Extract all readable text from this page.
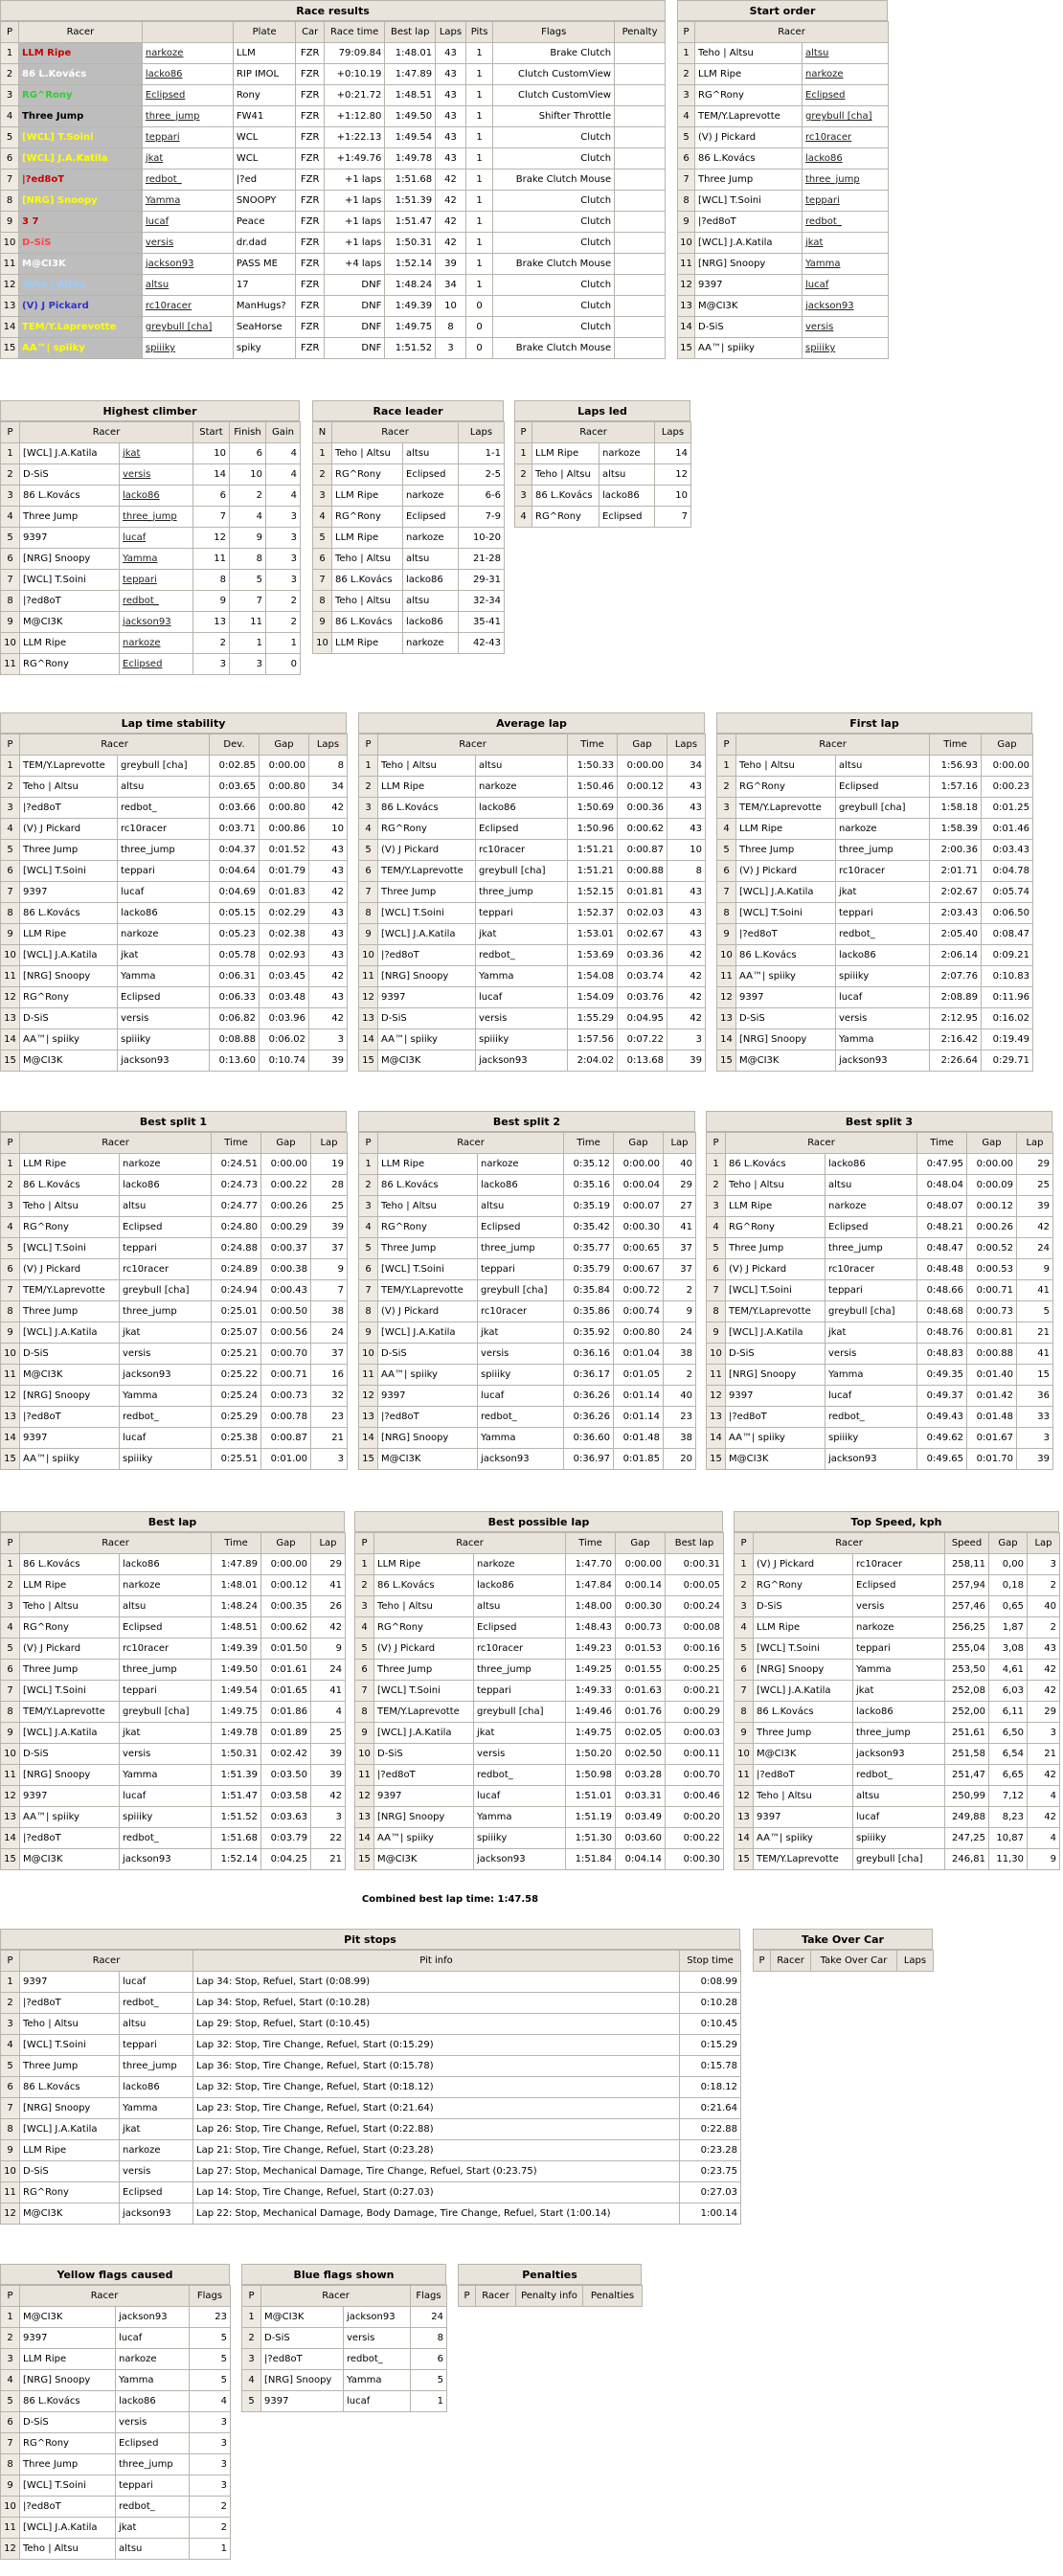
Race results
P	Racer		Plate	Car	Race time	Best lap	Laps	Pits	Flags	Penalty
1	LLM Ripe	narkoze	LLM	FZR	79:09.84	1:48.01	43	1	Brake Clutch	
2	86 L.Kovács	lacko86	RIP IMOL	FZR	+0:10.19	1:47.89	43	1	Clutch CustomView	
3	RG^Rony	Eclipsed	Rony	FZR	+0:21.72	1:48.51	43	1	Clutch CustomView	
4	Three Jump	three_jump	FW41	FZR	+1:12.80	1:49.50	43	1	Shifter Throttle	
5	[WCL] T.Soini	teppari	WCL	FZR	+1:22.13	1:49.54	43	1	Clutch	
6	[WCL] J.A.Katila	jkat	WCL	FZR	+1:49.76	1:49.78	43	1	Clutch	
7	|?ed8oT	redbot_	|?ed	FZR	+1 laps	1:51.68	42	1	Brake Clutch Mouse	
8	[NRG] Snoopy	Yamma	SNOOPY	FZR	+1 laps	1:51.39	42	1	Clutch	
9	3 7	lucaf	Peace	FZR	+1 laps	1:51.47	42	1	Clutch	
10	D-SiS	versis	dr.dad	FZR	+1 laps	1:50.31	42	1	Clutch	
11	M@CI3K	jackson93	PASS ME	FZR	+4 laps	1:52.14	39	1	Brake Clutch Mouse	
12	Teho | Altsu	altsu	17	FZR	DNF	1:48.24	34	1	Clutch	
13	(V) J Pickard	rc10racer	ManHugs?	FZR	DNF	1:49.39	10	0	Clutch	
14	TEM/Y.Laprevotte	greybull [cha]	SeaHorse	FZR	DNF	1:49.75	8	0	Clutch	
15	AA™| spiiky	spiiiky	spiky	FZR	DNF	1:51.52	3	0	Brake Clutch Mouse	
Start order
P	Racer	
1	Teho | Altsu	altsu
2	LLM Ripe	narkoze
3	RG^Rony	Eclipsed
4	TEM/Y.Laprevotte	greybull [cha]
5	(V) J Pickard	rc10racer
6	86 L.Kovács	lacko86
7	Three Jump	three_jump
8	[WCL] T.Soini	teppari
9	|?ed8oT	redbot_
10	[WCL] J.A.Katila	jkat
11	[NRG] Snoopy	Yamma
12	9397	lucaf
13	M@CI3K	jackson93
14	D-SiS	versis
15	AA™| spiiky	spiiiky
Highest climber
P	Racer		Start	Finish	Gain
1	[WCL] J.A.Katila	jkat	10	6	4
2	D-SiS	versis	14	10	4
3	86 L.Kovács	lacko86	6	2	4
4	Three Jump	three_jump	7	4	3
5	9397	lucaf	12	9	3
6	[NRG] Snoopy	Yamma	11	8	3
7	[WCL] T.Soini	teppari	8	5	3
8	|?ed8oT	redbot_	9	7	2
9	M@CI3K	jackson93	13	11	2
10	LLM Ripe	narkoze	2	1	1
11	RG^Rony	Eclipsed	3	3	0
Race leader
N	Racer		Laps
1	Teho | Altsu	altsu	1-1
2	RG^Rony	Eclipsed	2-5
3	LLM Ripe	narkoze	6-6
4	RG^Rony	Eclipsed	7-9
5	LLM Ripe	narkoze	10-20
6	Teho | Altsu	altsu	21-28
7	86 L.Kovács	lacko86	29-31
8	Teho | Altsu	altsu	32-34
9	86 L.Kovács	lacko86	35-41
10	LLM Ripe	narkoze	42-43
Laps led
P	Racer		Laps
1	LLM Ripe	narkoze	14
2	Teho | Altsu	altsu	12
3	86 L.Kovács	lacko86	10
4	RG^Rony	Eclipsed	7
Lap time stability
P	Racer		Dev.	Gap	Laps
1	TEM/Y.Laprevotte	greybull [cha]	0:02.85	0:00.00	8
2	Teho | Altsu	altsu	0:03.65	0:00.80	34
3	|?ed8oT	redbot_	0:03.66	0:00.80	42
4	(V) J Pickard	rc10racer	0:03.71	0:00.86	10
5	Three Jump	three_jump	0:04.37	0:01.52	43
6	[WCL] T.Soini	teppari	0:04.64	0:01.79	43
7	9397	lucaf	0:04.69	0:01.83	42
8	86 L.Kovács	lacko86	0:05.15	0:02.29	43
9	LLM Ripe	narkoze	0:05.23	0:02.38	43
10	[WCL] J.A.Katila	jkat	0:05.78	0:02.93	43
11	[NRG] Snoopy	Yamma	0:06.31	0:03.45	42
12	RG^Rony	Eclipsed	0:06.33	0:03.48	43
13	D-SiS	versis	0:06.82	0:03.96	42
14	AA™| spiiky	spiiiky	0:08.88	0:06.02	3
15	M@CI3K	jackson93	0:13.60	0:10.74	39
Average lap
P	Racer		Time	Gap	Laps
1	Teho | Altsu	altsu	1:50.33	0:00.00	34
2	LLM Ripe	narkoze	1:50.46	0:00.12	43
3	86 L.Kovács	lacko86	1:50.69	0:00.36	43
4	RG^Rony	Eclipsed	1:50.96	0:00.62	43
5	(V) J Pickard	rc10racer	1:51.21	0:00.87	10
6	TEM/Y.Laprevotte	greybull [cha]	1:51.21	0:00.88	8
7	Three Jump	three_jump	1:52.15	0:01.81	43
8	[WCL] T.Soini	teppari	1:52.37	0:02.03	43
9	[WCL] J.A.Katila	jkat	1:53.01	0:02.67	43
10	|?ed8oT	redbot_	1:53.69	0:03.36	42
11	[NRG] Snoopy	Yamma	1:54.08	0:03.74	42
12	9397	lucaf	1:54.09	0:03.76	42
13	D-SiS	versis	1:55.29	0:04.95	42
14	AA™| spiiky	spiiiky	1:57.56	0:07.22	3
15	M@CI3K	jackson93	2:04.02	0:13.68	39
First lap
P	Racer		Time	Gap
1	Teho | Altsu	altsu	1:56.93	0:00.00
2	RG^Rony	Eclipsed	1:57.16	0:00.23
3	TEM/Y.Laprevotte	greybull [cha]	1:58.18	0:01.25
4	LLM Ripe	narkoze	1:58.39	0:01.46
5	Three Jump	three_jump	2:00.36	0:03.43
6	(V) J Pickard	rc10racer	2:01.71	0:04.78
7	[WCL] J.A.Katila	jkat	2:02.67	0:05.74
8	[WCL] T.Soini	teppari	2:03.43	0:06.50
9	|?ed8oT	redbot_	2:05.40	0:08.47
10	86 L.Kovács	lacko86	2:06.14	0:09.21
11	AA™| spiiky	spiiiky	2:07.76	0:10.83
12	9397	lucaf	2:08.89	0:11.96
13	D-SiS	versis	2:12.95	0:16.02
14	[NRG] Snoopy	Yamma	2:16.42	0:19.49
15	M@CI3K	jackson93	2:26.64	0:29.71
Best split 1
P	Racer		Time	Gap	Lap
1	LLM Ripe	narkoze	0:24.51	0:00.00	19
2	86 L.Kovács	lacko86	0:24.73	0:00.22	28
3	Teho | Altsu	altsu	0:24.77	0:00.26	25
4	RG^Rony	Eclipsed	0:24.80	0:00.29	39
5	[WCL] T.Soini	teppari	0:24.88	0:00.37	37
6	(V) J Pickard	rc10racer	0:24.89	0:00.38	9
7	TEM/Y.Laprevotte	greybull [cha]	0:24.94	0:00.43	7
8	Three Jump	three_jump	0:25.01	0:00.50	38
9	[WCL] J.A.Katila	jkat	0:25.07	0:00.56	24
10	D-SiS	versis	0:25.21	0:00.70	37
11	M@CI3K	jackson93	0:25.22	0:00.71	16
12	[NRG] Snoopy	Yamma	0:25.24	0:00.73	32
13	|?ed8oT	redbot_	0:25.29	0:00.78	23
14	9397	lucaf	0:25.38	0:00.87	21
15	AA™| spiiky	spiiiky	0:25.51	0:01.00	3
Best split 2
P	Racer		Time	Gap	Lap
1	LLM Ripe	narkoze	0:35.12	0:00.00	40
2	86 L.Kovács	lacko86	0:35.16	0:00.04	29
3	Teho | Altsu	altsu	0:35.19	0:00.07	27
4	RG^Rony	Eclipsed	0:35.42	0:00.30	41
5	Three Jump	three_jump	0:35.77	0:00.65	37
6	[WCL] T.Soini	teppari	0:35.79	0:00.67	37
7	TEM/Y.Laprevotte	greybull [cha]	0:35.84	0:00.72	2
8	(V) J Pickard	rc10racer	0:35.86	0:00.74	9
9	[WCL] J.A.Katila	jkat	0:35.92	0:00.80	24
10	D-SiS	versis	0:36.16	0:01.04	38
11	AA™| spiiky	spiiiky	0:36.17	0:01.05	2
12	9397	lucaf	0:36.26	0:01.14	40
13	|?ed8oT	redbot_	0:36.26	0:01.14	23
14	[NRG] Snoopy	Yamma	0:36.60	0:01.48	38
15	M@CI3K	jackson93	0:36.97	0:01.85	20
Best split 3
P	Racer		Time	Gap	Lap
1	86 L.Kovács	lacko86	0:47.95	0:00.00	29
2	Teho | Altsu	altsu	0:48.04	0:00.09	25
3	LLM Ripe	narkoze	0:48.07	0:00.12	39
4	RG^Rony	Eclipsed	0:48.21	0:00.26	42
5	Three Jump	three_jump	0:48.47	0:00.52	24
6	(V) J Pickard	rc10racer	0:48.48	0:00.53	9
7	[WCL] T.Soini	teppari	0:48.66	0:00.71	41
8	TEM/Y.Laprevotte	greybull [cha]	0:48.68	0:00.73	5
9	[WCL] J.A.Katila	jkat	0:48.76	0:00.81	21
10	D-SiS	versis	0:48.83	0:00.88	41
11	[NRG] Snoopy	Yamma	0:49.35	0:01.40	15
12	9397	lucaf	0:49.37	0:01.42	36
13	|?ed8oT	redbot_	0:49.43	0:01.48	33
14	AA™| spiiky	spiiiky	0:49.62	0:01.67	3
15	M@CI3K	jackson93	0:49.65	0:01.70	39
Best lap
P	Racer		Time	Gap	Lap
1	86 L.Kovács	lacko86	1:47.89	0:00.00	29
2	LLM Ripe	narkoze	1:48.01	0:00.12	41
3	Teho | Altsu	altsu	1:48.24	0:00.35	26
4	RG^Rony	Eclipsed	1:48.51	0:00.62	42
5	(V) J Pickard	rc10racer	1:49.39	0:01.50	9
6	Three Jump	three_jump	1:49.50	0:01.61	24
7	[WCL] T.Soini	teppari	1:49.54	0:01.65	41
8	TEM/Y.Laprevotte	greybull [cha]	1:49.75	0:01.86	4
9	[WCL] J.A.Katila	jkat	1:49.78	0:01.89	25
10	D-SiS	versis	1:50.31	0:02.42	39
11	[NRG] Snoopy	Yamma	1:51.39	0:03.50	39
12	9397	lucaf	1:51.47	0:03.58	42
13	AA™| spiiky	spiiiky	1:51.52	0:03.63	3
14	|?ed8oT	redbot_	1:51.68	0:03.79	22
15	M@CI3K	jackson93	1:52.14	0:04.25	21
Best possible lap
P	Racer		Time	Gap	Best lap
1	LLM Ripe	narkoze	1:47.70	0:00.00	0:00.31
2	86 L.Kovács	lacko86	1:47.84	0:00.14	0:00.05
3	Teho | Altsu	altsu	1:48.00	0:00.30	0:00.24
4	RG^Rony	Eclipsed	1:48.43	0:00.73	0:00.08
5	(V) J Pickard	rc10racer	1:49.23	0:01.53	0:00.16
6	Three Jump	three_jump	1:49.25	0:01.55	0:00.25
7	[WCL] T.Soini	teppari	1:49.33	0:01.63	0:00.21
8	TEM/Y.Laprevotte	greybull [cha]	1:49.46	0:01.76	0:00.29
9	[WCL] J.A.Katila	jkat	1:49.75	0:02.05	0:00.03
10	D-SiS	versis	1:50.20	0:02.50	0:00.11
11	|?ed8oT	redbot_	1:50.98	0:03.28	0:00.70
12	9397	lucaf	1:51.01	0:03.31	0:00.46
13	[NRG] Snoopy	Yamma	1:51.19	0:03.49	0:00.20
14	AA™| spiiky	spiiiky	1:51.30	0:03.60	0:00.22
15	M@CI3K	jackson93	1:51.84	0:04.14	0:00.30
Combined best lap time: 1:47.58
Top Speed, kph
P	Racer		Speed	Gap	Lap
1	(V) J Pickard	rc10racer	258,11	0,00	3
2	RG^Rony	Eclipsed	257,94	0,18	2
3	D-SiS	versis	257,46	0,65	40
4	LLM Ripe	narkoze	256,25	1,87	2
5	[WCL] T.Soini	teppari	255,04	3,08	43
6	[NRG] Snoopy	Yamma	253,50	4,61	42
7	[WCL] J.A.Katila	jkat	252,08	6,03	42
8	86 L.Kovács	lacko86	252,00	6,11	29
9	Three Jump	three_jump	251,61	6,50	3
10	M@CI3K	jackson93	251,58	6,54	21
11	|?ed8oT	redbot_	251,47	6,65	42
12	Teho | Altsu	altsu	250,99	7,12	4
13	9397	lucaf	249,88	8,23	42
14	AA™| spiiky	spiiiky	247,25	10,87	4
15	TEM/Y.Laprevotte	greybull [cha]	246,81	11,30	9
Pit stops
P	Racer		Pit info	Stop time
1	9397	lucaf	Lap 34: Stop, Refuel, Start (0:08.99)	0:08.99
2	|?ed8oT	redbot_	Lap 34: Stop, Refuel, Start (0:10.28)	0:10.28
3	Teho | Altsu	altsu	Lap 29: Stop, Refuel, Start (0:10.45)	0:10.45
4	[WCL] T.Soini	teppari	Lap 32: Stop, Tire Change, Refuel, Start (0:15.29)	0:15.29
5	Three Jump	three_jump	Lap 36: Stop, Tire Change, Refuel, Start (0:15.78)	0:15.78
6	86 L.Kovács	lacko86	Lap 32: Stop, Tire Change, Refuel, Start (0:18.12)	0:18.12
7	[NRG] Snoopy	Yamma	Lap 23: Stop, Tire Change, Refuel, Start (0:21.64)	0:21.64
8	[WCL] J.A.Katila	jkat	Lap 26: Stop, Tire Change, Refuel, Start (0:22.88)	0:22.88
9	LLM Ripe	narkoze	Lap 21: Stop, Tire Change, Refuel, Start (0:23.28)	0:23.28
10	D-SiS	versis	Lap 27: Stop, Mechanical Damage, Tire Change, Refuel, Start (0:23.75)	0:23.75
11	RG^Rony	Eclipsed	Lap 14: Stop, Tire Change, Refuel, Start (0:27.03)	0:27.03
12	M@CI3K	jackson93	Lap 22: Stop, Mechanical Damage, Body Damage, Tire Change, Refuel, Start (1:00.14)	1:00.14
Take Over Car
P	Racer	Take Over Car	Laps
Yellow flags caused
P	Racer		Flags
1	M@CI3K	jackson93	23
2	9397	lucaf	5
3	LLM Ripe	narkoze	5
4	[NRG] Snoopy	Yamma	5
5	86 L.Kovács	lacko86	4
6	D-SiS	versis	3
7	RG^Rony	Eclipsed	3
8	Three Jump	three_jump	3
9	[WCL] T.Soini	teppari	3
10	|?ed8oT	redbot_	2
11	[WCL] J.A.Katila	jkat	2
12	Teho | Altsu	altsu	1
Blue flags shown
P	Racer		Flags
1	M@CI3K	jackson93	24
2	D-SiS	versis	8
3	|?ed8oT	redbot_	6
4	[NRG] Snoopy	Yamma	5
5	9397	lucaf	1
Penalties
P	Racer	Penalty info	Penalties
